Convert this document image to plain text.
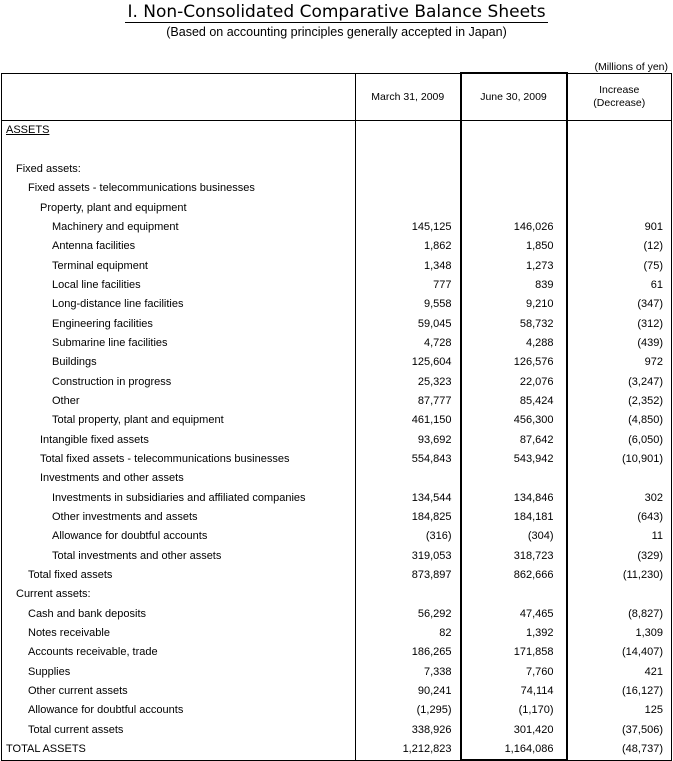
I. Non-Consolidated Comparative Balance Sheets
(Based on accounting principles generally accepted in Japan)
(Millions of yen)
	March 31, 2009	June 30, 2009	Increase
(Decrease)
ASSETS			

Fixed assets:			
Fixed assets - telecommunications businesses			
Property, plant and equipment			
Machinery and equipment	145,125	146,026	901
Antenna facilities	1,862	1,850	(12)
Terminal equipment	1,348	1,273	(75)
Local line facilities	777	839	61
Long-distance line facilities	9,558	9,210	(347)
Engineering facilities	59,045	58,732	(312)
Submarine line facilities	4,728	4,288	(439)
Buildings	125,604	126,576	972
Construction in progress	25,323	22,076	(3,247)
Other	87,777	85,424	(2,352)
Total property, plant and equipment	461,150	456,300	(4,850)
Intangible fixed assets	93,692	87,642	(6,050)
Total fixed assets - telecommunications businesses	554,843	543,942	(10,901)
Investments and other assets			
Investments in subsidiaries and affiliated companies	134,544	134,846	302
Other investments and assets	184,825	184,181	(643)
Allowance for doubtful accounts	(316)	(304)	11
Total investments and other assets	319,053	318,723	(329)
Total fixed assets	873,897	862,666	(11,230)
Current assets:			
Cash and bank deposits	56,292	47,465	(8,827)
Notes receivable	82	1,392	1,309
Accounts receivable, trade	186,265	171,858	(14,407)
Supplies	7,338	7,760	421
Other current assets	90,241	74,114	(16,127)
Allowance for doubtful accounts	(1,295)	(1,170)	125
Total current assets	338,926	301,420	(37,506)
TOTAL ASSETS	1,212,823	1,164,086	(48,737)
